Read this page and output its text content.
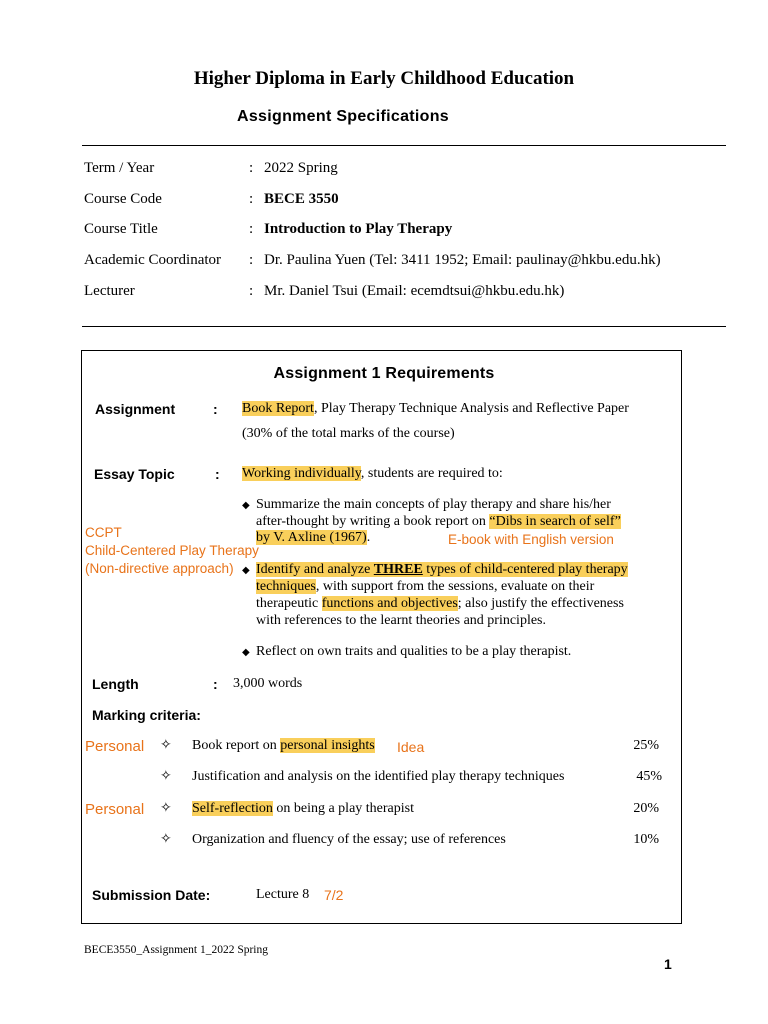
Higher Diploma in Early Childhood Education
Assignment Specifications
Term / Year	: 2022 Spring
Course Code	: BECE 3550
Course Title	: Introduction to Play Therapy
Academic Coordinator : Dr. Paulina Yuen (Tel: 3411 1952; Email: paulinay@hkbu.edu.hk)
Lecturer	: Mr. Daniel Tsui (Email: ecemdtsui@hkbu.edu.hk)
Assignment 1 Requirements
Assignment	: Book Report, Play Therapy Technique Analysis and Reflective Paper
(30% of the total marks of the course)
Essay Topic	: Working individually, students are required to:
◆ Summarize the main concepts of play therapy and share his/her
after-thought by writing a book report on “Dibs in search of self”
by V. Axline (1967).
◆ Identify and analyze THREE types of child-centered play therapy
techniques, with support from the sessions, evaluate on their
therapeutic functions and objectives; also justify the effectiveness
with references to the learnt theories and principles.
◆ Reflect on own traits and qualities to be a play therapist.
Length	: 3,000 words
Marking criteria:
✧ Book report on personal insights	25%
✧ Justification and analysis on the identified play therapy techniques	45%
✧ Self-reflection on being a play therapist	20%
✧ Organization and fluency of the essay; use of references	10%
Submission Date:	Lecture 8
CCPT
Child-Centered Play Therapy
(Non-directive approach)
E-book with English version
Idea
Personal
Personal
7/2
BECE3550_Assignment 1_2022 Spring
1
